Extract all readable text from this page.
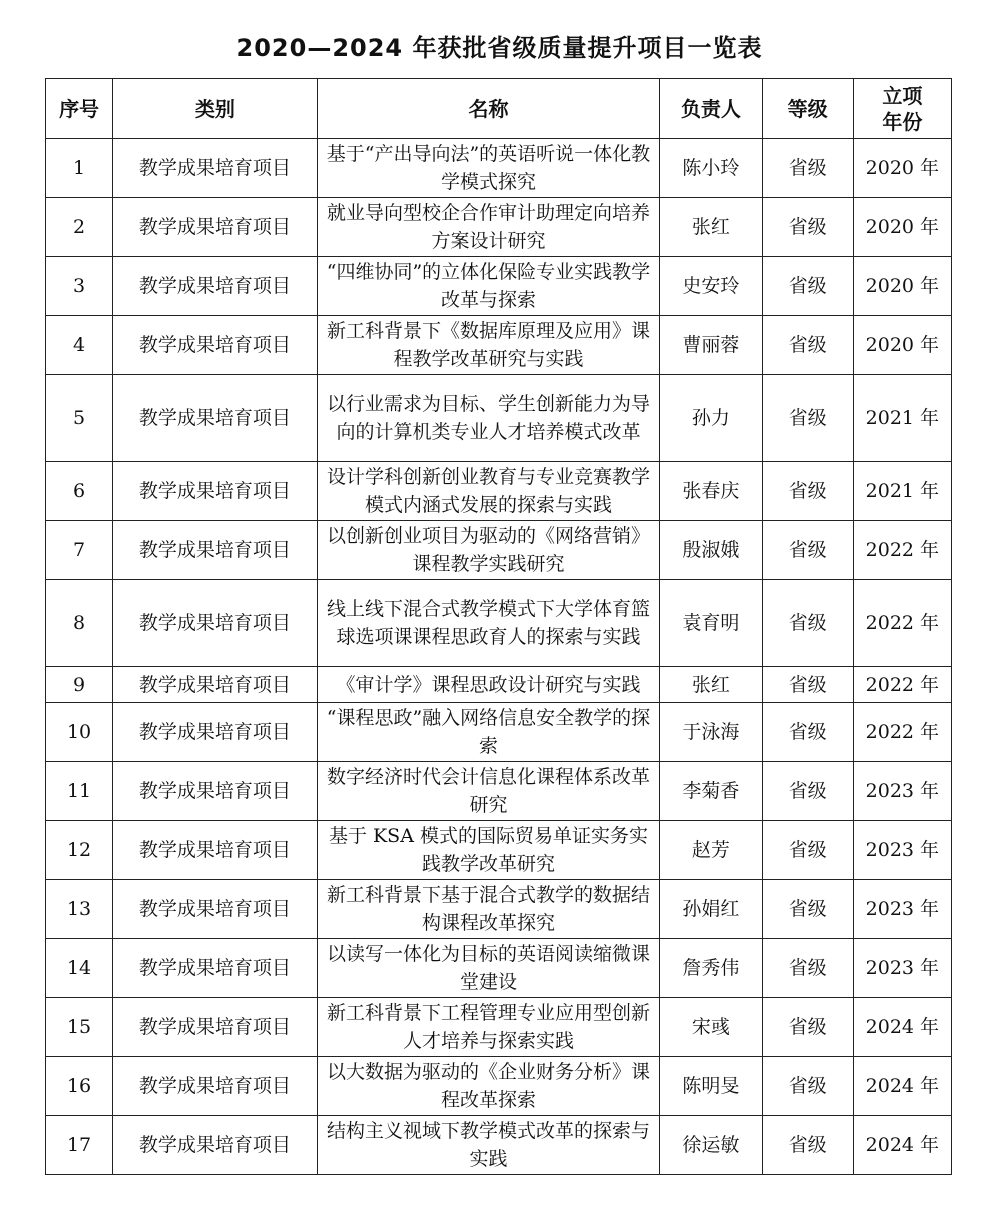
2020—2024 年获批省级质量提升项目一览表
序号	类别	名称	负责人	等级	立项年份
1	教学成果培育项目	基于“产出导向法”的英语听说一体化教学模式探究	陈小玲	省级	2020 年
2	教学成果培育项目	就业导向型校企合作审计助理定向培养方案设计研究	张红	省级	2020 年
3	教学成果培育项目	“四维协同”的立体化保险专业实践教学改革与探索	史安玲	省级	2020 年
4	教学成果培育项目	新工科背景下《数据库原理及应用》课程教学改革研究与实践	曹丽蓉	省级	2020 年
5	教学成果培育项目	以行业需求为目标、学生创新能力为导向的计算机类专业人才培养模式改革	孙力	省级	2021 年
6	教学成果培育项目	设计学科创新创业教育与专业竞赛教学模式内涵式发展的探索与实践	张春庆	省级	2021 年
7	教学成果培育项目	以创新创业项目为驱动的《网络营销》课程教学实践研究	殷淑娥	省级	2022 年
8	教学成果培育项目	线上线下混合式教学模式下大学体育篮球选项课课程思政育人的探索与实践	袁育明	省级	2022 年
9	教学成果培育项目	《审计学》课程思政设计研究与实践	张红	省级	2022 年
10	教学成果培育项目	“课程思政”融入网络信息安全教学的探索	于泳海	省级	2022 年
11	教学成果培育项目	数字经济时代会计信息化课程体系改革研究	李菊香	省级	2023 年
12	教学成果培育项目	基于 KSA 模式的国际贸易单证实务实践教学改革研究	赵芳	省级	2023 年
13	教学成果培育项目	新工科背景下基于混合式教学的数据结构课程改革探究	孙娟红	省级	2023 年
14	教学成果培育项目	以读写一体化为目标的英语阅读缩微课堂建设	詹秀伟	省级	2023 年
15	教学成果培育项目	新工科背景下工程管理专业应用型创新人才培养与探索实践	宋彧	省级	2024 年
16	教学成果培育项目	以大数据为驱动的《企业财务分析》课程改革探索	陈明旻	省级	2024 年
17	教学成果培育项目	结构主义视域下教学模式改革的探索与实践	徐运敏	省级	2024 年
